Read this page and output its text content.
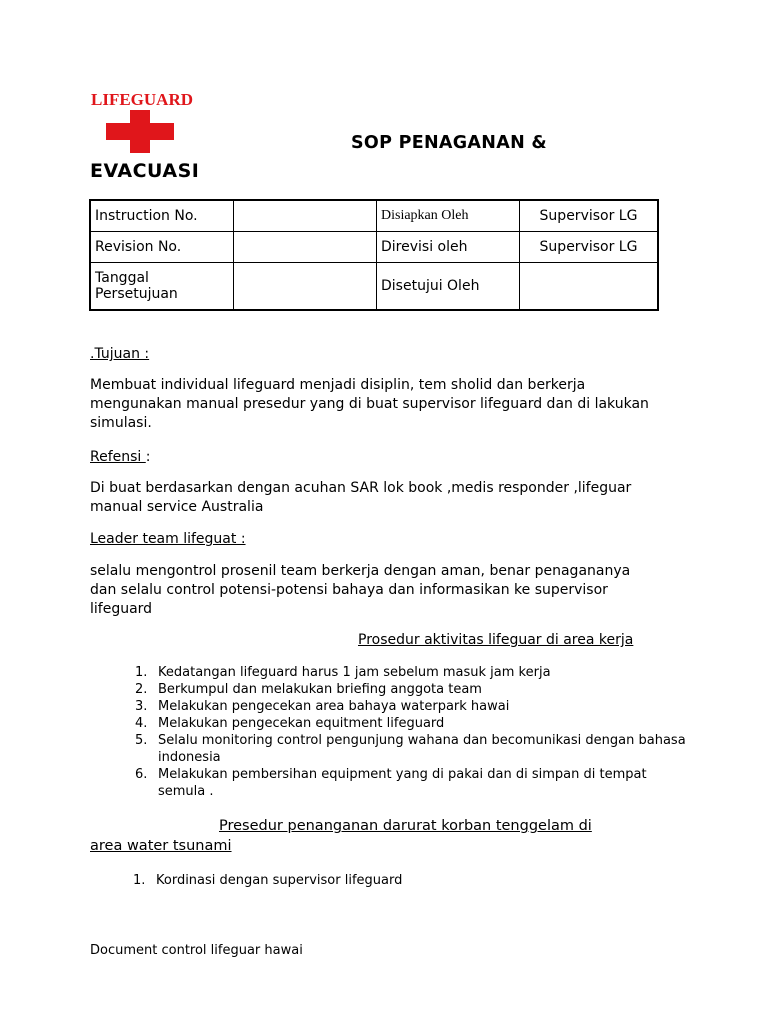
LIFEGUARD
SOP PENAGANAN &
EVACUASI
Instruction No.		Disiapkan Oleh	Supervisor LG
Revision No.		Direvisi oleh	Supervisor LG
Tanggal Persetujuan		Disetujui Oleh	
.Tujuan :
Membuat individual lifeguard menjadi disiplin, tem sholid dan berkerja mengunakan manual presedur yang di buat supervisor lifeguard dan di lakukan simulasi.
Refensi :
Di buat berdasarkan dengan acuhan SAR lok book ,medis responder ,lifeguar manual service Australia
Leader team lifeguat :
selalu mengontrol prosenil team berkerja dengan aman, benar penagananya dan selalu control potensi-potensi bahaya dan informasikan ke supervisor lifeguard
Prosedur aktivitas lifeguar di area kerja
1. Kedatangan lifeguard harus 1 jam sebelum masuk jam kerja
2. Berkumpul dan melakukan briefing anggota team
3. Melakukan pengecekan area bahaya waterpark hawai
4. Melakukan pengecekan equitment lifeguard
5. Selalu monitoring control pengunjung wahana dan becomunikasi dengan bahasa indonesia
6. Melakukan pembersihan equipment yang di pakai dan di simpan di tempat semula .
Presedur penanganan darurat korban tenggelam di
area water tsunami
1. Kordinasi dengan supervisor lifeguard
Document control lifeguar hawai
